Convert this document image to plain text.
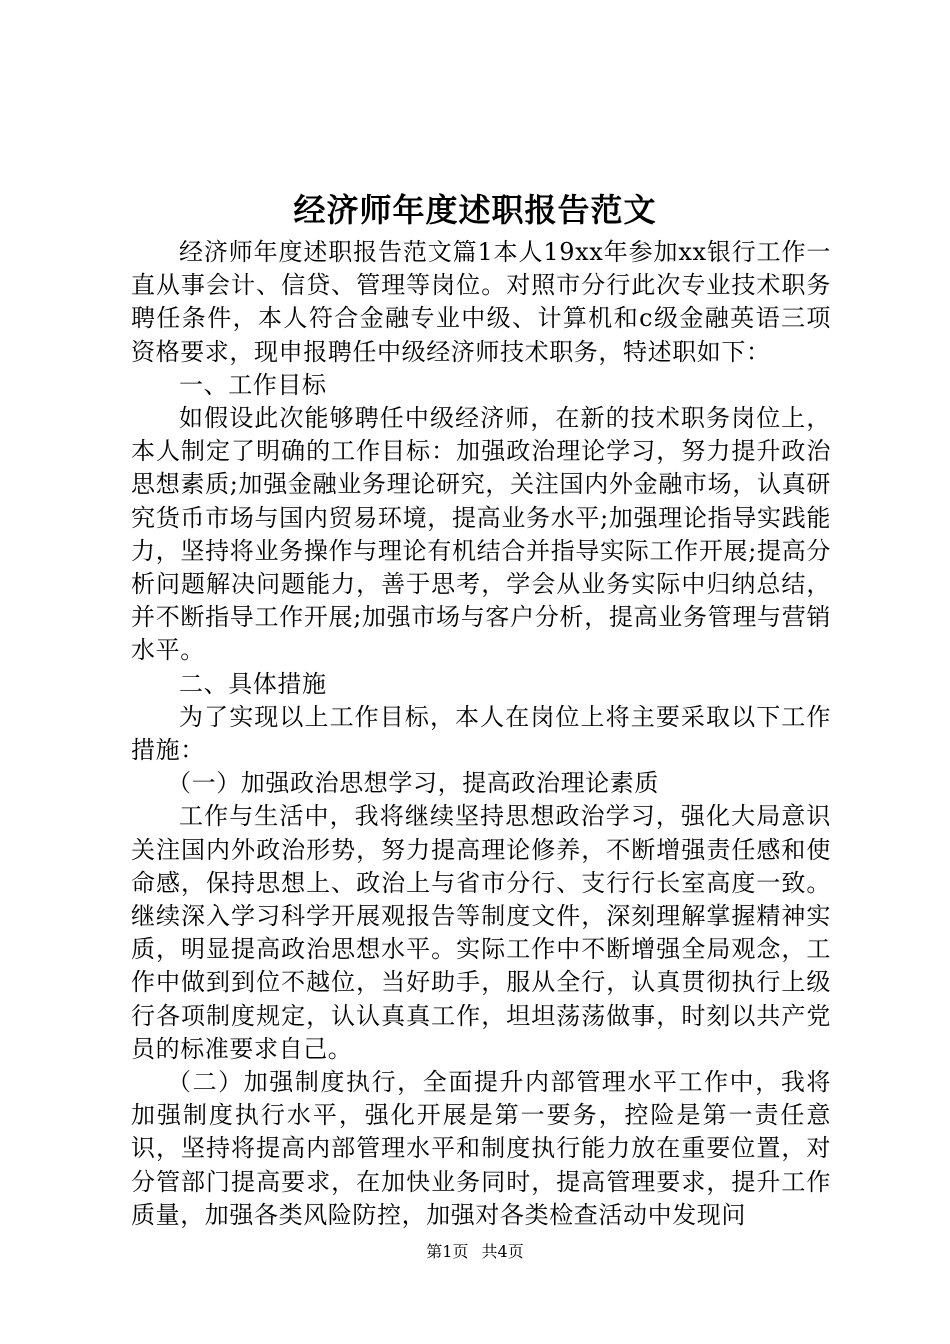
经济师年度述职报告范文

经济师年度述职报告范文篇1本人19xx年参加xx银行工作一直从事会计、信贷、管理等岗位。对照市分行此次专业技术职务聘任条件，本人符合金融专业中级、计算机和c级金融英语三项资格要求，现申报聘任中级经济师技术职务，特述职如下：

一、工作目标

如假设此次能够聘任中级经济师，在新的技术职务岗位上，本人制定了明确的工作目标：加强政治理论学习，努力提升政治思想素质;加强金融业务理论研究，关注国内外金融市场，认真研究货币市场与国内贸易环境，提高业务水平;加强理论指导实践能力，坚持将业务操作与理论有机结合并指导实际工作开展;提高分析问题解决问题能力，善于思考，学会从业务实际中归纳总结，并不断指导工作开展;加强市场与客户分析，提高业务管理与营销水平。

二、具体措施

为了实现以上工作目标，本人在岗位上将主要采取以下工作措施：

（一）加强政治思想学习，提高政治理论素质

工作与生活中，我将继续坚持思想政治学习，强化大局意识关注国内外政治形势，努力提高理论修养，不断增强责任感和使命感，保持思想上、政治上与省市分行、支行行长室高度一致。继续深入学习科学开展观报告等制度文件，深刻理解掌握精神实质，明显提高政治思想水平。实际工作中不断增强全局观念，工作中做到到位不越位，当好助手，服从全行，认真贯彻执行上级行各项制度规定，认认真真工作，坦坦荡荡做事，时刻以共产党员的标准要求自己。

（二）加强制度执行，全面提升内部管理水平工作中，我将加强制度执行水平，强化开展是第一要务，控险是第一责任意识，坚持将提高内部管理水平和制度执行能力放在重要位置，对分管部门提高要求，在加快业务同时，提高管理要求，提升工作质量，加强各类风险防控，加强对各类检查活动中发现问

第1页 共4页
